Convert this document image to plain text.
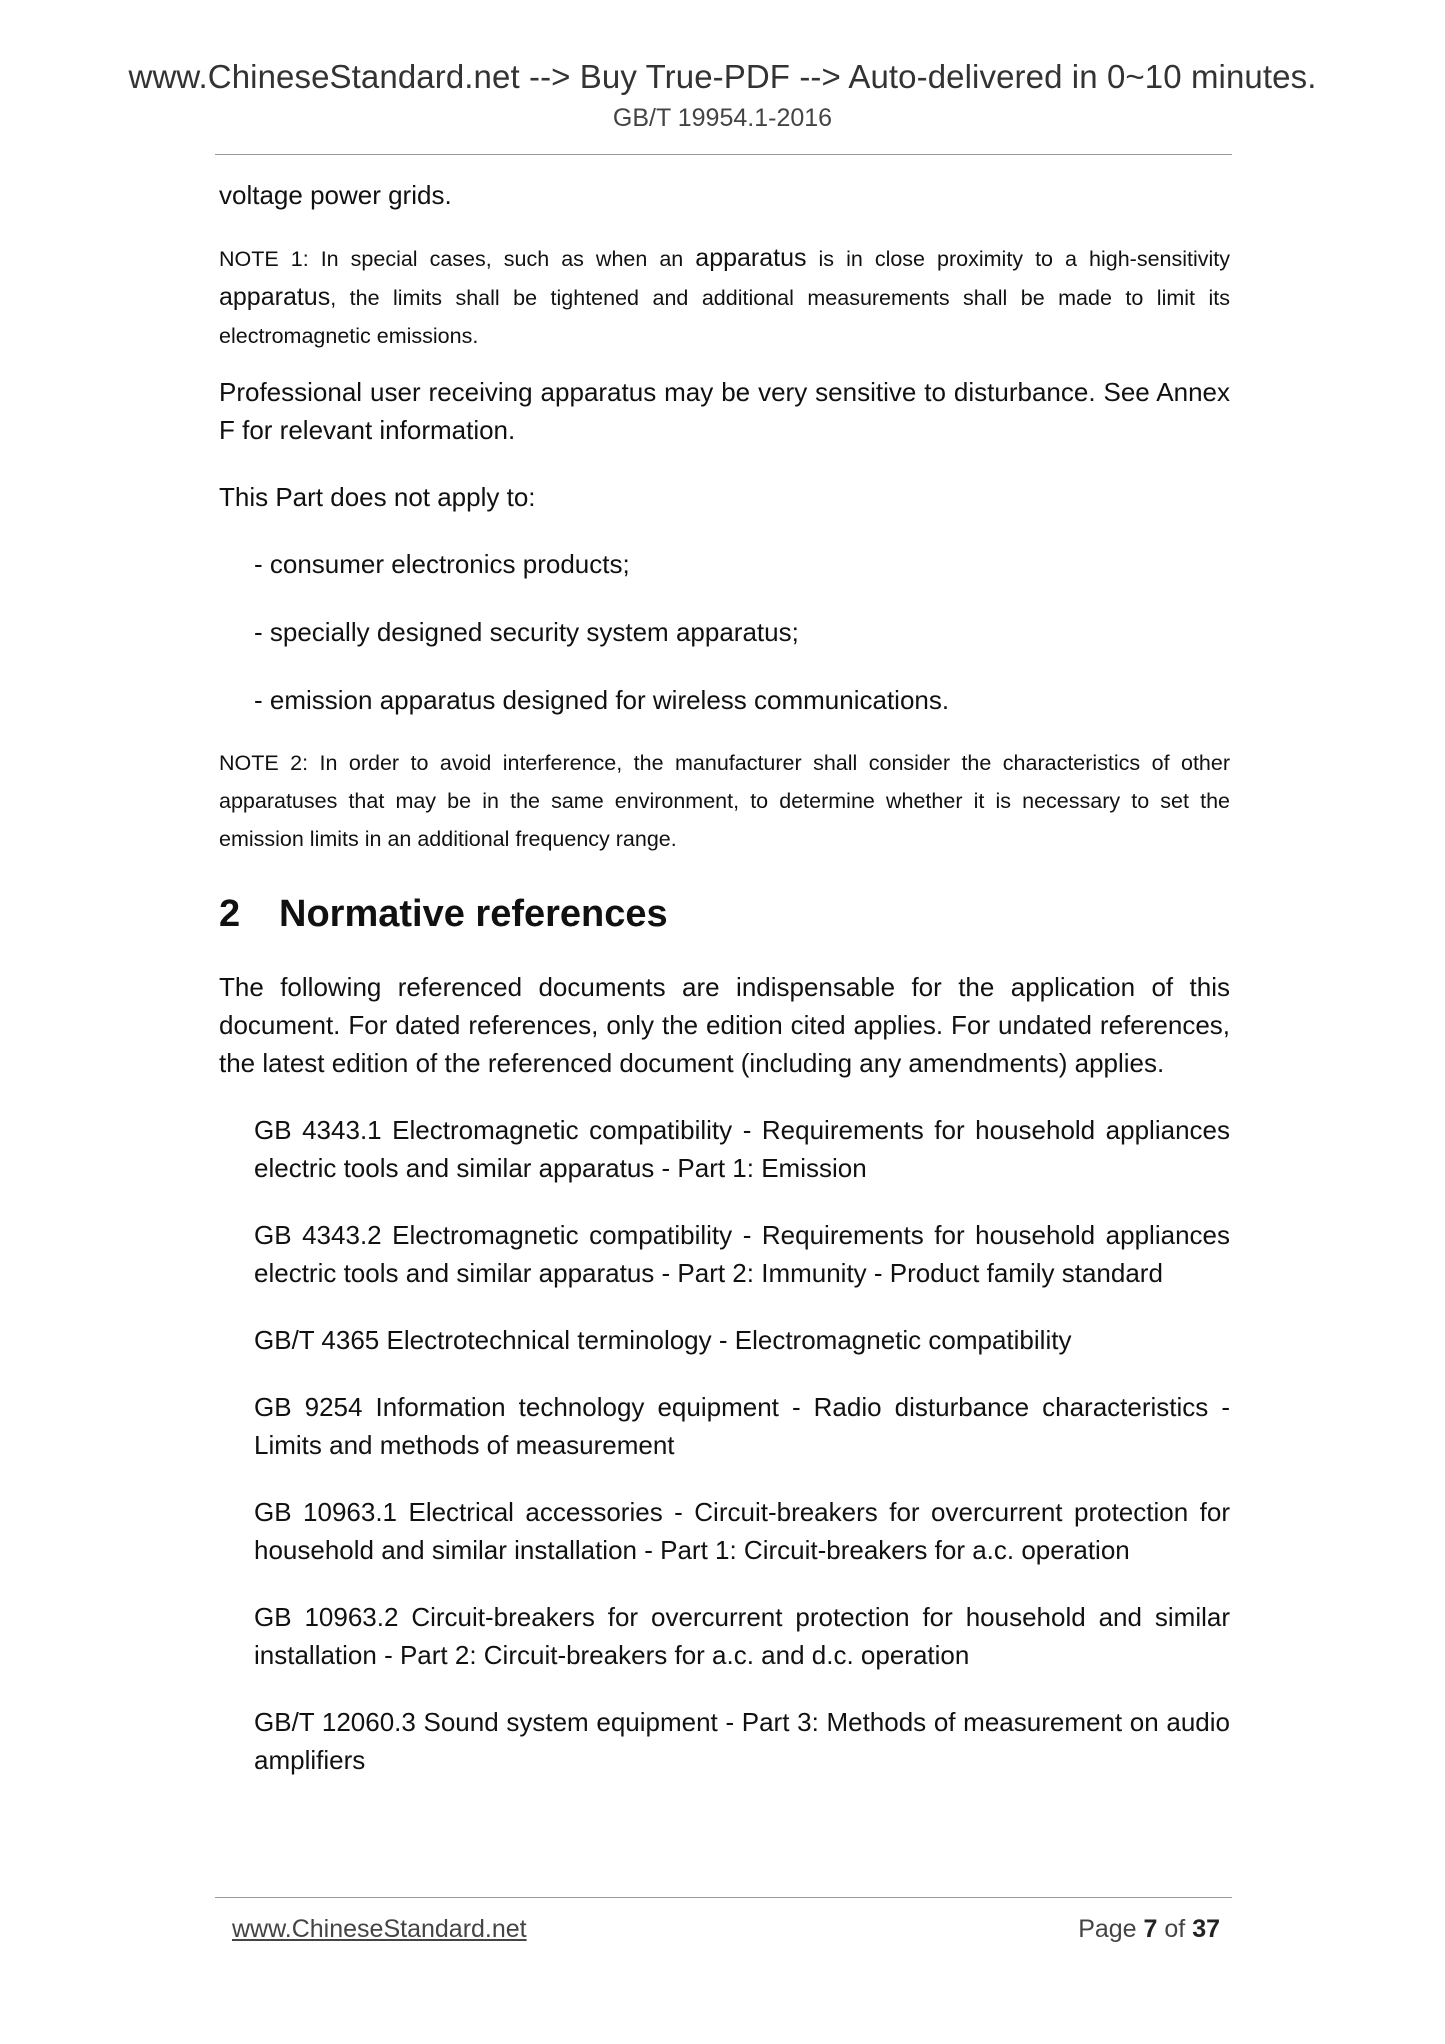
www.ChineseStandard.net --> Buy True-PDF --> Auto-delivered in 0~10 minutes.
GB/T 19954.1-2016

voltage power grids.

NOTE 1: In special cases, such as when an apparatus is in close proximity to a high-sensitivity apparatus, the limits shall be tightened and additional measurements shall be made to limit its electromagnetic emissions.

Professional user receiving apparatus may be very sensitive to disturbance. See Annex F for relevant information.

This Part does not apply to:

- consumer electronics products;

- specially designed security system apparatus;

- emission apparatus designed for wireless communications.

NOTE 2: In order to avoid interference, the manufacturer shall consider the characteristics of other apparatuses that may be in the same environment, to determine whether it is necessary to set the emission limits in an additional frequency range.

2 Normative references

The following referenced documents are indispensable for the application of this document. For dated references, only the edition cited applies. For undated references, the latest edition of the referenced document (including any amendments) applies.

GB 4343.1 Electromagnetic compatibility - Requirements for household appliances electric tools and similar apparatus - Part 1: Emission

GB 4343.2 Electromagnetic compatibility - Requirements for household appliances electric tools and similar apparatus - Part 2: Immunity - Product family standard

GB/T 4365 Electrotechnical terminology - Electromagnetic compatibility

GB 9254 Information technology equipment - Radio disturbance characteristics - Limits and methods of measurement

GB 10963.1 Electrical accessories - Circuit-breakers for overcurrent protection for household and similar installation - Part 1: Circuit-breakers for a.c. operation

GB 10963.2 Circuit-breakers for overcurrent protection for household and similar installation - Part 2: Circuit-breakers for a.c. and d.c. operation

GB/T 12060.3 Sound system equipment - Part 3: Methods of measurement on audio amplifiers

www.ChineseStandard.net	Page 7 of 37
